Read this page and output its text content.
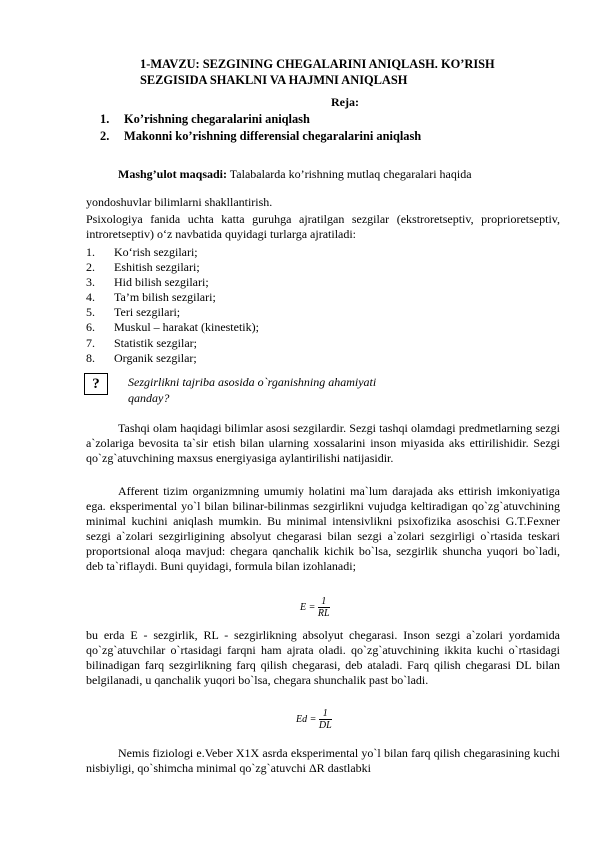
1-MAVZU: SEZGINING CHEGALARINI ANIQLASH. KO’RISH
SEZGISIDA SHAKLNI VA HAJMNI ANIQLASH
Reja:
1. Ko’rishning chegaralarini aniqlash
2. Makonni ko’rishning differensial chegaralarini aniqlash
Mashg’ulot maqsadi: Talabalarda ko’rishning mutlaq chegaralari haqida
yondoshuvlar bilimlarni shakllantirish.
Psixologiya fanida uchta katta guruhga ajratilgan sezgilar (ekstroretseptiv, proprioretseptiv, introretseptiv) o‘z navbatida quyidagi turlarga ajratiladi:
1. Ko‘rish sezgilari;
2. Eshitish sezgilari;
3. Hid bilish sezgilari;
4. Ta’m bilish sezgilari;
5. Teri sezgilari;
6. Muskul – harakat (kinestetik);
7. Statistik sezgilar;
8. Organik sezgilar;
?	Sezgirlikni tajriba asosida o`rganishning ahamiyati
qanday?
Tashqi olam haqidagi bilimlar asosi sezgilardir. Sezgi tashqi olamdagi predmetlarning sezgi a`zolariga bevosita ta`sir etish bilan ularning xossalarini inson miyasida aks ettirilishidir. Sezgi qo`zg`atuvchining maxsus energiyasiga aylantirilishi natijasidir.
Afferent tizim organizmning umumiy holatini ma`lum darajada aks ettirish imkoniyatiga ega. eksperimental yo`l bilan bilinar-bilinmas sezgirlikni vujudga keltiradigan qo`zg`atuvchining minimal kuchini aniqlash mumkin. Bu minimal intensivlikni psixofizika asoschisi G.T.Fexner sezgi a`zolari sezgirligining absolyut chegarasi bilan sezgi a`zolari sezgirligi o`rtasida teskari proportsional aloqa mavjud: chegara qanchalik kichik bo`lsa, sezgirlik shuncha yuqori bo`ladi, deb ta`riflaydi. Buni quyidagi, formula bilan izohlanadi;
$E = \frac{1}{RL}$
bu erda E - sezgirlik, RL - sezgirlikning absolyut chegarasi. Inson sezgi a`zolari yordamida qo`zg`atuvchilar o`rtasidagi farqni ham ajrata oladi. qo`zg`atuvchining ikkita kuchi o`rtasidagi bilinadigan farq sezgirlikning farq qilish chegarasi, deb ataladi. Farq qilish chegarasi DL bilan belgilanadi, u qanchalik yuqori bo`lsa, chegara shunchalik past bo`ladi.
$Ed = \frac{1}{DL}$
Nemis fiziologi e.Veber X1X asrda eksperimental yo`l bilan farq qilish chegarasining kuchi nisbiyligi, qo`shimcha minimal qo`zg`atuvchi ΔR dastlabki
